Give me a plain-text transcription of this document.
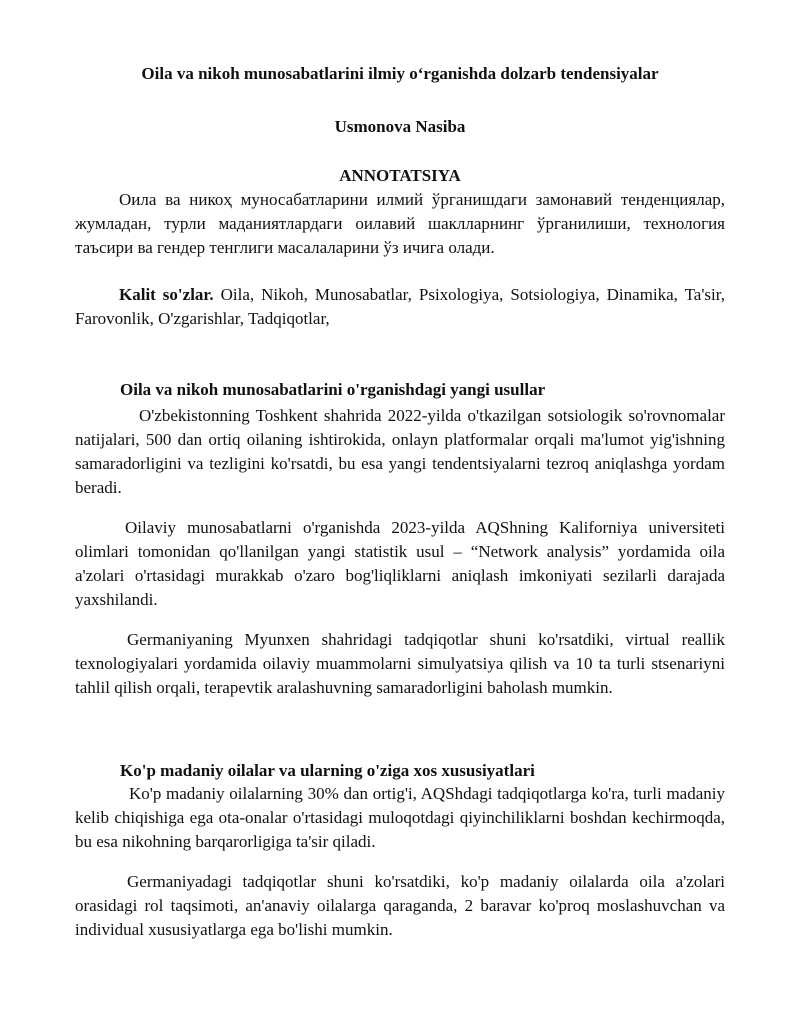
Oila va nikoh munosabatlarini ilmiy o‘rganishda dolzarb tendensiyalar
Usmonova Nasiba
ANNOTATSIYA

Оила ва никоҳ муносабатларини илмий ўрганишдаги замонавий тенденциялар, жумладан, турли маданиятлардаги оилавий шаклларнинг ўрганилиши, технология таъсири ва гендер тенглиги масалаларини ўз ичига олади.

Kalit so'zlar. Oila, Nikoh, Munosabatlar, Psixologiya, Sotsiologiya, Dinamika, Ta'sir, Farovonlik, O'zgarishlar, Tadqiqotlar,

Oila va nikoh munosabatlarini o'rganishdagi yangi usullar

O'zbekistonning Toshkent shahrida 2022-yilda o'tkazilgan sotsiologik so'rovnomalar natijalari, 500 dan ortiq oilaning ishtirokida, onlayn platformalar orqali ma'lumot yig'ishning samaradorligini va tezligini ko'rsatdi, bu esa yangi tendentsiyalarni tezroq aniqlashga yordam beradi.

Oilaviy munosabatlarni o'rganishda 2023-yilda AQShning Kaliforniya universiteti olimlari tomonidan qo'llanilgan yangi statistik usul – “Network analysis” yordamida oila a'zolari o'rtasidagi murakkab o'zaro bog'liqliklarni aniqlash imkoniyati sezilarli darajada yaxshilandi.

Germaniyaning Myunxen shahridagi tadqiqotlar shuni ko'rsatdiki, virtual reallik texnologiyalari yordamida oilaviy muammolarni simulyatsiya qilish va 10 ta turli stsenariyni tahlil qilish orqali, terapevtik aralashuvning samaradorligini baholash mumkin.

Ko'p madaniy oilalar va ularning o'ziga xos xususiyatlari

Ko'p madaniy oilalarning 30% dan ortig'i, AQShdagi tadqiqotlarga ko'ra, turli madaniy kelib chiqishiga ega ota-onalar o'rtasidagi muloqotdagi qiyinchiliklarni boshdan kechirmoqda, bu esa nikohning barqarorligiga ta'sir qiladi.

Germaniyadagi tadqiqotlar shuni ko'rsatdiki, ko'p madaniy oilalarda oila a'zolari orasidagi rol taqsimoti, an'anaviy oilalarga qaraganda, 2 baravar ko'proq moslashuvchan va individual xususiyatlarga ega bo'lishi mumkin.
